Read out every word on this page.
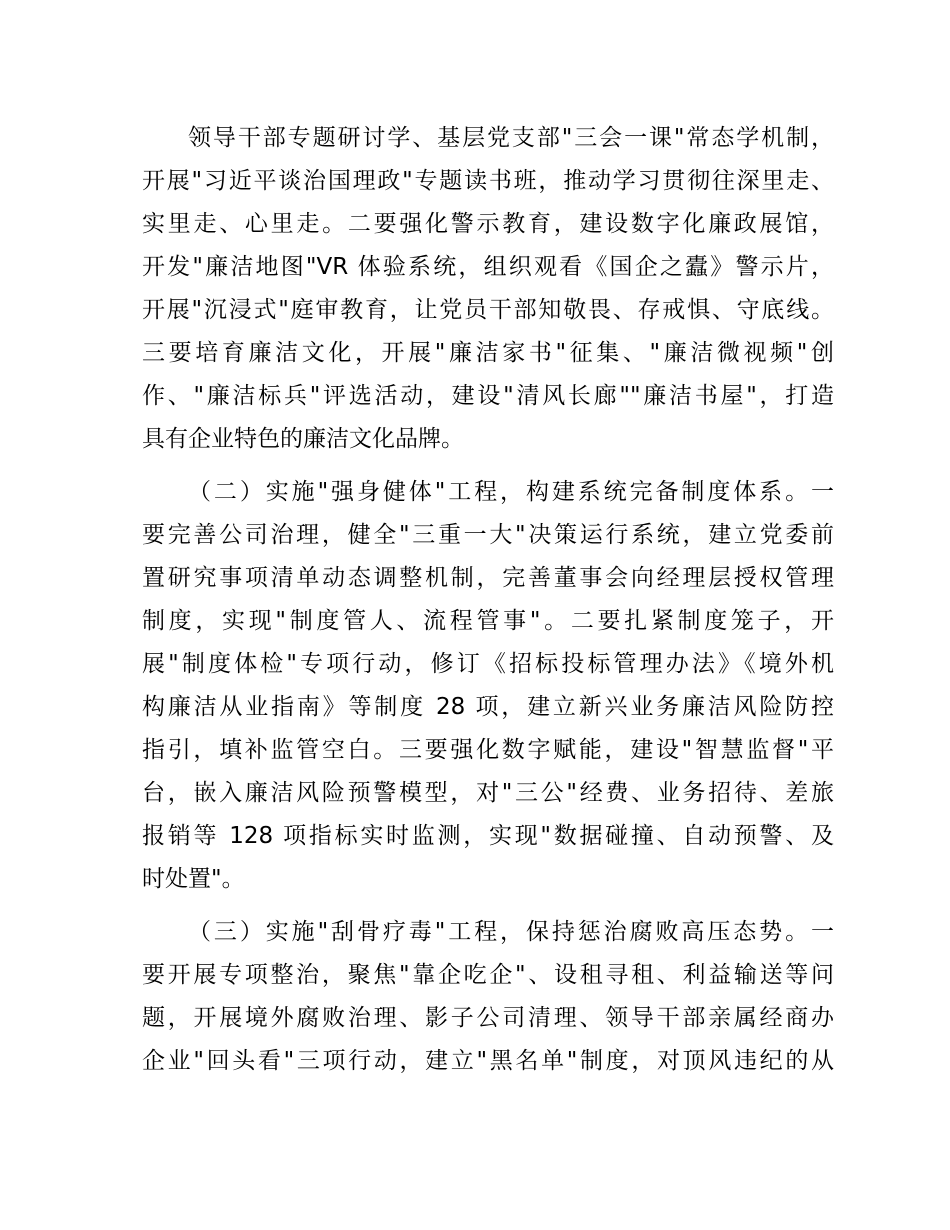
领导干部专题研讨学、基层党支部"三会一课"常态学机制，
开展"习近平谈治国理政"专题读书班，推动学习贯彻往深里走、
实里走、心里走。二要强化警示教育，建设数字化廉政展馆，
开发"廉洁地图"VR 体验系统，组织观看《国企之蠹》警示片，
开展"沉浸式"庭审教育，让党员干部知敬畏、存戒惧、守底线。
三要培育廉洁文化，开展"廉洁家书"征集、"廉洁微视频"创
作、"廉洁标兵"评选活动，建设"清风长廊""廉洁书屋"，打造
具有企业特色的廉洁文化品牌。
（二）实施"强身健体"工程，构建系统完备制度体系。一
要完善公司治理，健全"三重一大"决策运行系统，建立党委前
置研究事项清单动态调整机制，完善董事会向经理层授权管理
制度，实现"制度管人、流程管事"。二要扎紧制度笼子，开
展"制度体检"专项行动，修订《招标投标管理办法》《境外机
构廉洁从业指南》等制度 28 项，建立新兴业务廉洁风险防控
指引，填补监管空白。三要强化数字赋能，建设"智慧监督"平
台，嵌入廉洁风险预警模型，对"三公"经费、业务招待、差旅
报销等 128 项指标实时监测，实现"数据碰撞、自动预警、及
时处置"。
（三）实施"刮骨疗毒"工程，保持惩治腐败高压态势。一
要开展专项整治，聚焦"靠企吃企"、设租寻租、利益输送等问
题，开展境外腐败治理、影子公司清理、领导干部亲属经商办
企业"回头看"三项行动，建立"黑名单"制度，对顶风违纪的从
